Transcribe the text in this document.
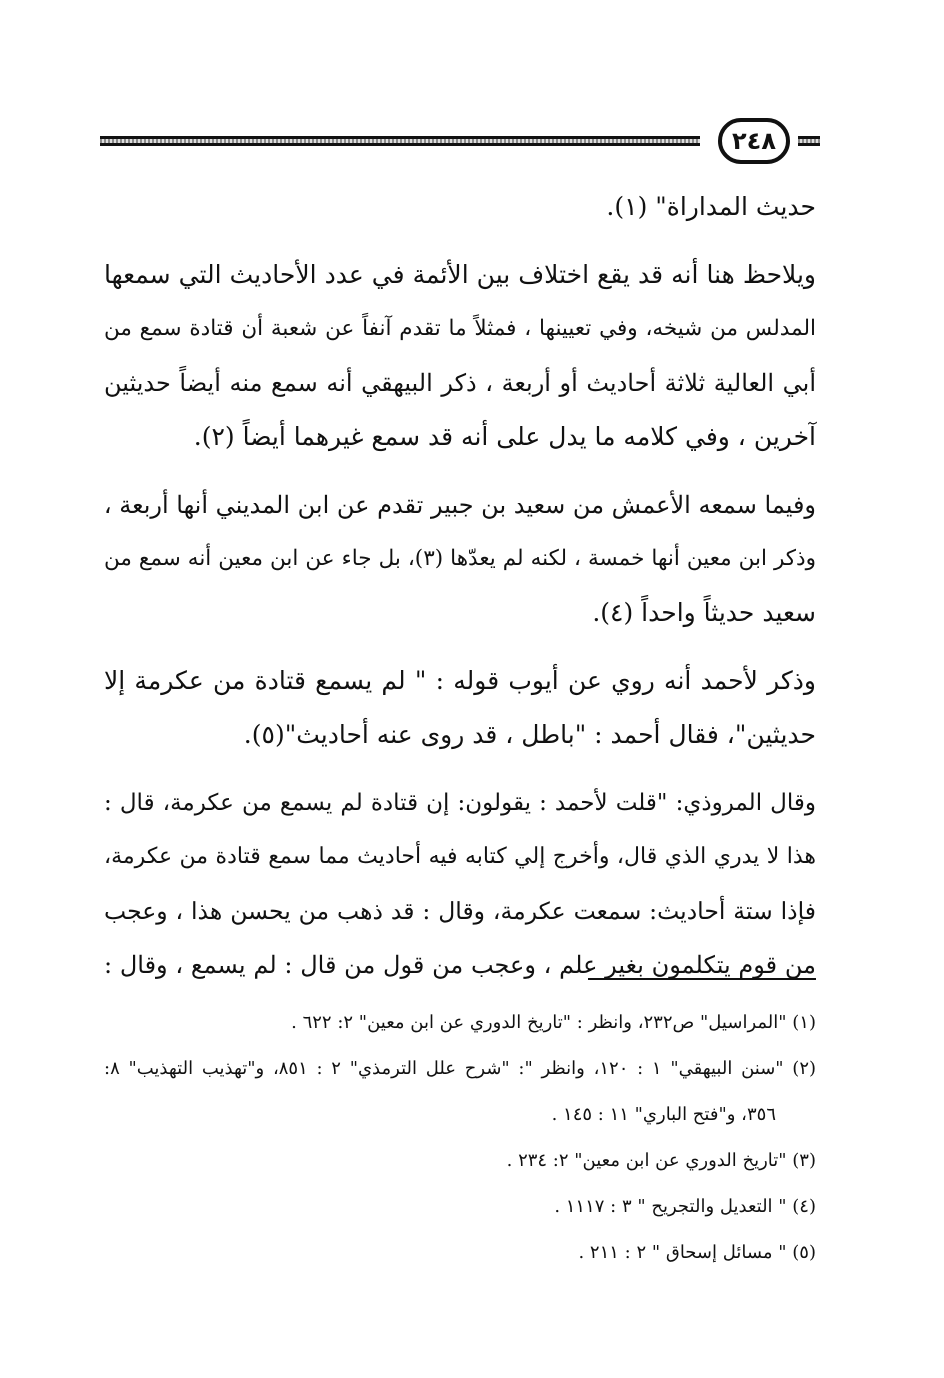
٢٤٨
حديث المداراة" (١).
ويلاحظ هنا أنه قد يقع اختلاف بين الأئمة في عدد الأحاديث التي سمعها
المدلس من شيخه، وفي تعيينها ، فمثلاً ما تقدم آنفاً عن شعبة أن قتادة سمع من
أبي العالية ثلاثة أحاديث أو أربعة ، ذكر البيهقي أنه سمع منه أيضاً حديثين
آخرين ، وفي كلامه ما يدل على أنه قد سمع غيرهما أيضاً (٢).
وفيما سمعه الأعمش من سعيد بن جبير تقدم عن ابن المديني أنها أربعة ،
وذكر ابن معين أنها خمسة ، لكنه لم يعدّها (٣)، بل جاء عن ابن معين أنه سمع من
سعيد حديثاً واحداً (٤).
وذكر لأحمد أنه روي عن أيوب قوله : " لم يسمع قتادة من عكرمة إلا
حديثين"، فقال أحمد : "باطل ، قد روى عنه أحاديث"(٥).
وقال المروذي: "قلت لأحمد : يقولون: إن قتادة لم يسمع من عكرمة، قال :
هذا لا يدري الذي قال، وأخرج إلي كتابه فيه أحاديث مما سمع قتادة من عكرمة،
فإذا ستة أحاديث: سمعت عكرمة، وقال : قد ذهب من يحسن هذا ، وعجب
من قوم يتكلمون بغير علم ، وعجب من قول من قال : لم يسمع ، وقال :
(١) "المراسيل" ص٢٣٢، وانظر : "تاريخ الدوري عن ابن معين" ٢: ٦٢٢ .
(٢) "سنن البيهقي" ١ : ١٢٠، وانظر ": "شرح علل الترمذي" ٢ : ٨٥١، و"تهذيب التهذيب" ٨:
٣٥٦، و"فتح الباري" ١١ : ١٤٥ .
(٣) "تاريخ الدوري عن ابن معين" ٢: ٢٣٤ .
(٤) " التعديل والتجريح " ٣ : ١١١٧ .
(٥) " مسائل إسحاق " ٢ : ٢١١ .
